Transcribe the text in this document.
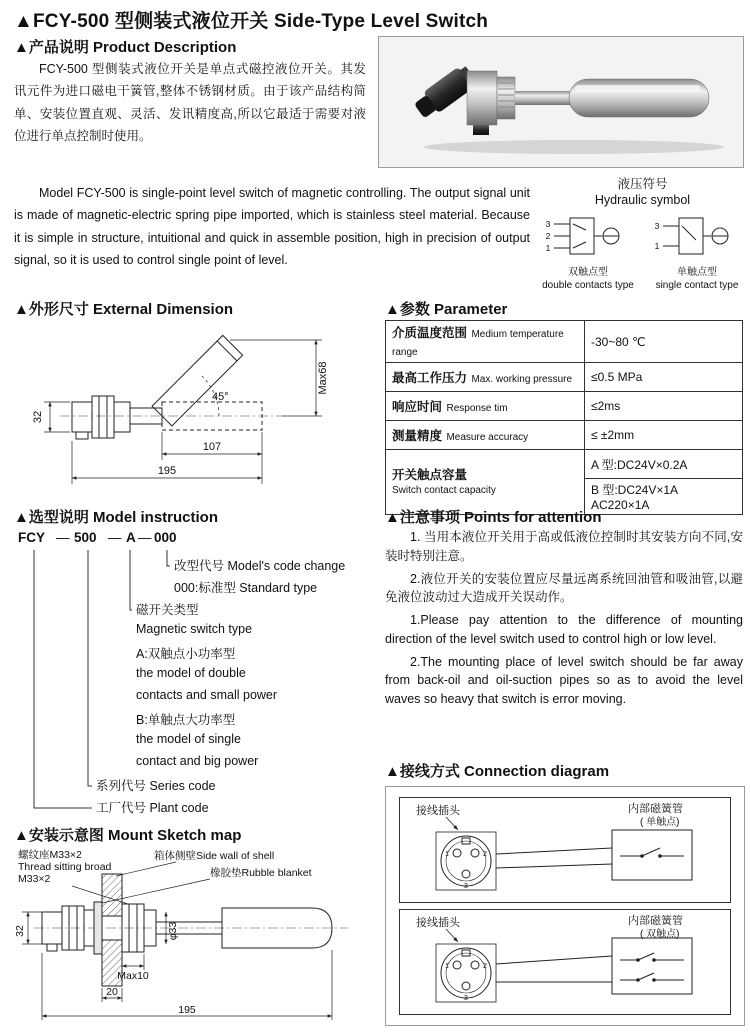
▲FCY-500 型侧装式液位开关 Side-Type Level Switch
▲产品说明 Product Description
FCY-500 型侧装式液位开关是单点式磁控液位开关。其发讯元件为进口磁电干簧管,整体不锈钢材质。由于该产品结构简单、安装位置直观、灵活、发讯精度高,所以它最适于需要对液位进行单点控制时使用。
Model FCY-500 is single-point level switch of magnetic controlling. The output signal unit is made of magnetic-electric spring pipe imported, which is stainless steel material. Because it is simple in structure, intuitional and quick in assemble position, high in precision of output signal, so it is used to control single point of level.
液压符号
Hydraulic symbol
3
2
1
双触点型
double contacts type
3
1
单触点型
single contact type
▲外形尺寸 External Dimension
32
45°
107
195
Max68
▲参数 Parameter
介质温度范围 Medium temperature range	-30~80 ℃
最高工作压力 Max. working pressure	≤0.5 MPa
响应时间 Response tim	≤2ms
测量精度 Measure accuracy	≤ ±2mm

开关触点容量
Switch contact capacity	A 型:DC24V×0.2A
	B 型:DC24V×1A AC220×1A
▲选型说明 Model instruction
FCY — 500 — A — 000
改型代号 Model's code change
000:标准型 Standard type
磁开关类型
Magnetic switch type
A:双触点小功率型
the model of double
contacts and small power
B:单触点大功率型
the model of single
contact and big power
系列代号 Series code
工厂代号 Plant code
▲注意事项 Points for attention

1. 当用本液位开关用于高或低液位控制时其安装方向不同,安装时特别注意。

2.液位开关的安装位置应尽量远离系统回油管和吸油管,以避免液位波动过大造成开关误动作。

1.Please pay attention to the difference of mounting direction of the level switch used to control high or low level.

2.The mounting place of level switch should be far away from back-oil and oil-suction pipes so as to avoid the level waves so heavy that switch is error moving.

▲接线方式 Connection diagram
接线插头	内部磁簧管
( 单触点)
1	2
3
接线插头	内部磁簧管
( 双触点)
1	2
3
▲安装示意图 Mount Sketch map
螺纹座M33×2
Thread sitting broad
M33×2
箱体侧壁Side wall of shell
橡胶垫Rubble blanket
φ33
32
Max10
20
195
